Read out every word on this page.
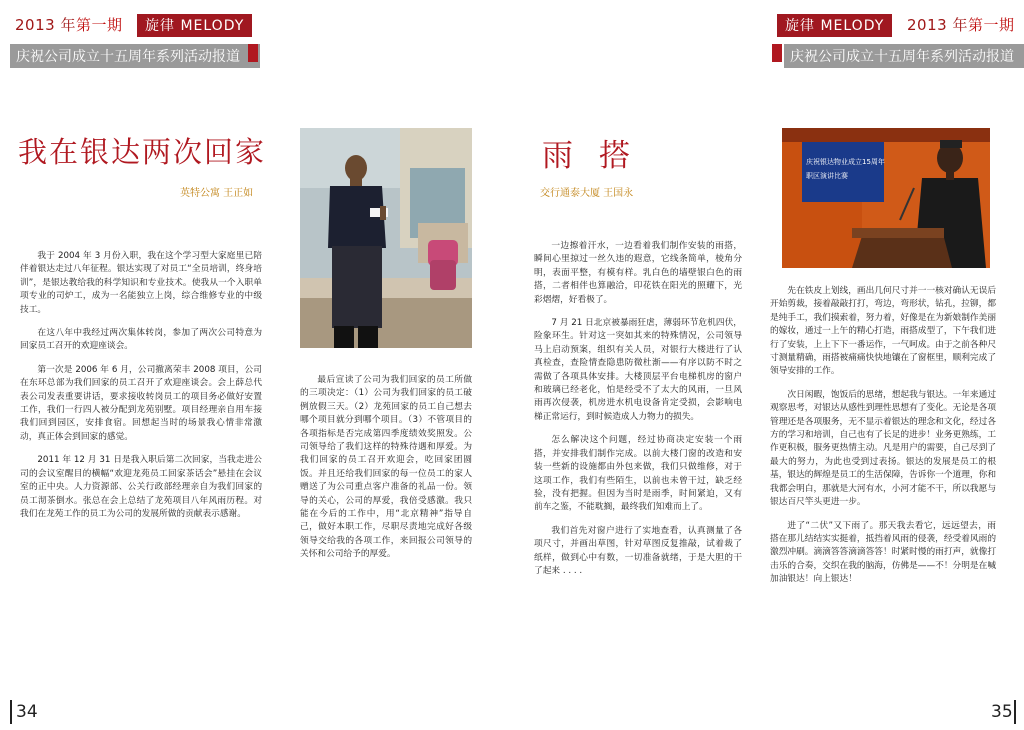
2013 年第一期	旋律 MELODY
庆祝公司成立十五周年系列活动报道
旋律 MELODY	2013 年第一期
庆祝公司成立十五周年系列活动报道
我在银达两次回家
英特公寓 王正如

我于 2004 年 3 月份入职，我在这个学习型大家庭里已陪伴着银达走过八年征程。银达实现了对员工“全员培训，终身培训”，是银达教给我的科学知识和专业技术。使我从一个入职单项专业的司炉工，成为一名能独立上岗，综合维修专业的中级技工。

在这八年中我经过两次集体转岗，参加了两次公司特意为回家员工召开的欢迎座谈会。

第一次是 2006 年 6 月，公司撤离荣丰 2008 项目，公司在东环总部为我们回家的员工召开了欢迎座谈会。会上薛总代表公司发表重要讲话，要求接收转岗员工的项目务必做好安置工作，我们一行四人被分配到龙苑别墅。项目经理亲自用车接我们回到园区，安排食宿。回想起当时的场景我心情非常激动，真正体会到回家的感觉。

2011 年 12 月 31 日是我入职后第二次回家，当我走进公司的会议室醒目的横幅“欢迎龙苑员工回家茶话会”悬挂在会议室的正中央。人力资源部、公关行政部经理亲自为我们回家的员工沏茶倒水。张总在会上总结了龙苑项目八年风雨历程。对我们在龙苑工作的员工为公司的发展所做的贡献表示感谢。

最后宣读了公司为我们回家的员工所做的三项决定：（1）公司为我们回家的员工破例放假三天。（2）龙苑回家的员工自己想去哪个项目就分到哪个项目。（3）不管项目的各项指标是否完成第四季度绩效奖照发。公司领导给了我们这样的特殊待遇和厚爱。为我们回家的员工召开欢迎会，吃回家团圆饭。并且还给我们回家的每一位员工的家人赠送了为公司重点客户准备的礼品一份。领导的关心，公司的厚爱，我倍受感激。我只能在今后的工作中，用“北京精神”指导自己，做好本职工作，尽职尽责地完成好各级领导交给我的各项工作，来回报公司领导的关怀和公司给予的厚爱。

雨搭
交行通泰大厦 王国永
庆祝银达物业成立15周年
职区演讲比赛

一边擦着汗水，一边看着我们制作安装的雨搭，瞬间心里掠过一丝久违的遐意，它线条简单，棱角分明，表面平整，有模有样。乳白色的墙壁银白色的雨搭，二者相伴也算融洽，印花铁在阳光的照耀下，光彩熠熠，好看极了。

7 月 21 日北京被暴雨狂虐，薄弱环节危机四伏，险象环生。针对这一突如其来的特殊情况，公司领导马上启动预案，组织有关人员，对银行大楼进行了认真检查，查险情查隐患防微杜渐——有序以防不时之需做了各项具体安排。大楼顶层平台电梯机房的窗户和玻璃已经老化，怕是经受不了太大的风雨，一旦风雨再次侵袭，机房进水机电设备肯定受损，会影响电梯正常运行，到时候造成人力物力的损失。

怎么解决这个问题，经过协商决定安装一个雨搭，并安排我们制作完成。以前大楼门窗的改造和安装一些新的设施都由外包来做，我们只做维修，对于这项工作，我们有些陌生，以前也未曾干过，缺乏经验，没有把握。但因为当时是雨季，时间紧迫，又有前车之鉴，不能耽搁，最终我们知难而上了。

我们首先对窗户进行了实地查看，认真测量了各项尺寸，并画出草图，针对草图反复推敲，试着裁了纸样，做到心中有数，一切准备就绪，于是大胆的干了起来 . . . .

先在铁皮上划线，画出几何尺寸并一一核对确认无误后开始剪裁，接着敲敲打打，弯边，弯形状，钻孔，拉铆，都是纯手工，我们摸索着，努力着，好像是在为新娘制作美丽的嫁妆，通过一上午的精心打造，雨搭成型了，下午我们进行了安装，上上下下一番运作，一气呵成。由于之前各种尺寸测量精确，雨搭被痛痛快快地镶在了窗框里，顺利完成了领导安排的工作。

次日闲暇，饱饭后的思绪，想起我与银达。一年来通过观察思考，对银达从感性到理性思想有了变化。无论是各项管理还是各项服务，无不显示着银达的理念和文化，经过各方的学习和培训，自己也有了长足的进步！业务更熟练，工作更积极，服务更热情主动。凡是用户的需要，自己尽到了最大的努力，为此也受到过表扬。银达的发展是员工的根基，银达的辉煌是员工的生活保障，告诉你一个道理，你和我都会明白，那就是大河有水，小河才能不干，所以我愿与银达百尺竿头更进一步。

进了“二伏”又下雨了。那天我去看它，远远望去，雨搭在那儿结结实实挺着，抵挡着风雨的侵袭，经受着风雨的激烈冲刷。滴滴答答滴滴答答！时紧时慢的雨打声，就像打击乐的合奏，交织在我的脑海，仿佛是——不！分明是在喊加油银达！向上银达！

34	35
